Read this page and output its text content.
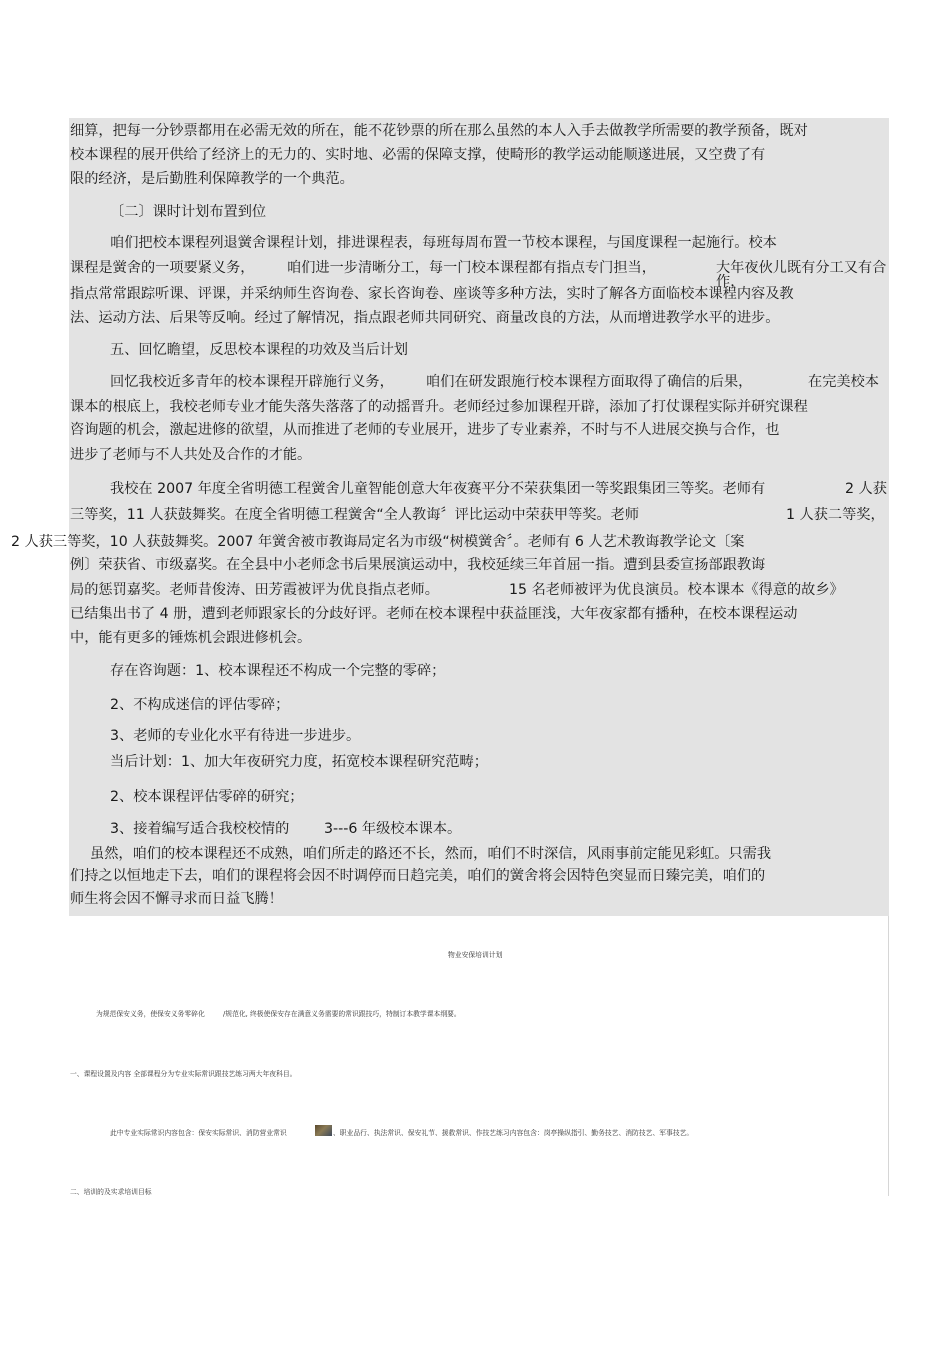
细算，把每一分钞票都用在必需无效的所在，能不花钞票的所在那么虽然的本人入手去做教学所需要的教学预备，既对
校本课程的展开供给了经济上的无力的、实时地、必需的保障支撑，使畸形的教学运动能顺遂进展，又空费了有
限的经济，是后勤胜利保障教学的一个典范。
〔二〕课时计划布置到位
咱们把校本课程列退黉舍课程计划，排进课程表，每班每周布置一节校本课程，与国度课程一起施行。校本
课程是黉舍的一项要紧义务， 咱们进一步清晰分工，每一门校本课程都有指点专门担当，	大年夜伙儿既有分工又有合
作，
指点常常跟踪听课、评课，并采纳师生咨询卷、家长咨询卷、座谈等多种方法，实时了解各方面临校本课程内容及教
法、运动方法、后果等反响。经过了解情况，指点跟老师共同研究、商量改良的方法，从而增进教学水平的进步。
五、回忆瞻望，反思校本课程的功效及当后计划
回忆我校近多青年的校本课程开辟施行义务， 咱们在研发跟施行校本课程方面取得了确信的后果，	在完美校本
课本的根底上，我校老师专业才能失落失落落了的动摇晋升。老师经过参加课程开辟，添加了打仗课程实际并研究课程
咨询题的机会，激起进修的欲望，从而推进了老师的专业展开，进步了专业素养，不时与不人进展交换与合作，也
进步了老师与不人共处及合作的才能。
我校在 2007 年度全省明德工程黉舍儿童智能创意大年夜赛平分不荣获集团一等奖跟集团三等奖。老师有	2 人获
三等奖，11 人获鼓舞奖。在度全省明德工程黉舍“全人教诲〞评比运动中荣获甲等奖。老师	1 人获二等奖，
2 人获三等奖，10 人获鼓舞奖。2007 年黉舍被市教诲局定名为市级“树模黉舍〞。老师有 6 人艺术教诲教学论文〔案
例〕荣获省、市级嘉奖。在全县中小老师念书后果展演运动中，我校延续三年首屈一指。遭到县委宣扬部跟教诲
局的惩罚嘉奖。老师昔俊涛、田芳霞被评为优良指点老师。	15 名老师被评为优良演员。校本课本《得意的故乡》
已结集出书了 4 册，遭到老师跟家长的分歧好评。老师在校本课程中获益匪浅，大年夜家都有播种，在校本课程运动
中，能有更多的锤炼机会跟进修机会。
存在咨询题：1、校本课程还不构成一个完整的零碎；
2、不构成迷信的评估零碎；
3、老师的专业化水平有待进一步进步。
当后计划：1、加大年夜研究力度，拓宽校本课程研究范畴；
2、校本课程评估零碎的研究；
3、接着编写适合我校校情的 3---6 年级校本课本。
虽然，咱们的校本课程还不成熟，咱们所走的路还不长，然而，咱们不时深信，风雨事前定能见彩虹。只需我
们持之以恒地走下去，咱们的课程将会因不时调停而日趋完美，咱们的黉舍将会因特色突显而日臻完美，咱们的
师生将会因不懈寻求而日益飞腾！
物业安保培训计划
为规范保安义务，使保安义务零碎化	/规范化, 终极使保安存在满意义务需要的常识跟技巧，特制订本教学课本纲要。
一、课程设置及内容 全部课程分为专业实际常识跟技艺练习两大年夜科目。
此中专业实际常识内容包含：保安实际常识、消防营业常识	、职业品行、执法常识、保安礼节、援救常识、作技艺练习内容包含：岗亭操纵指引、勤务技艺、消防技艺、军事技艺。
二、培训的及实求培训目标
